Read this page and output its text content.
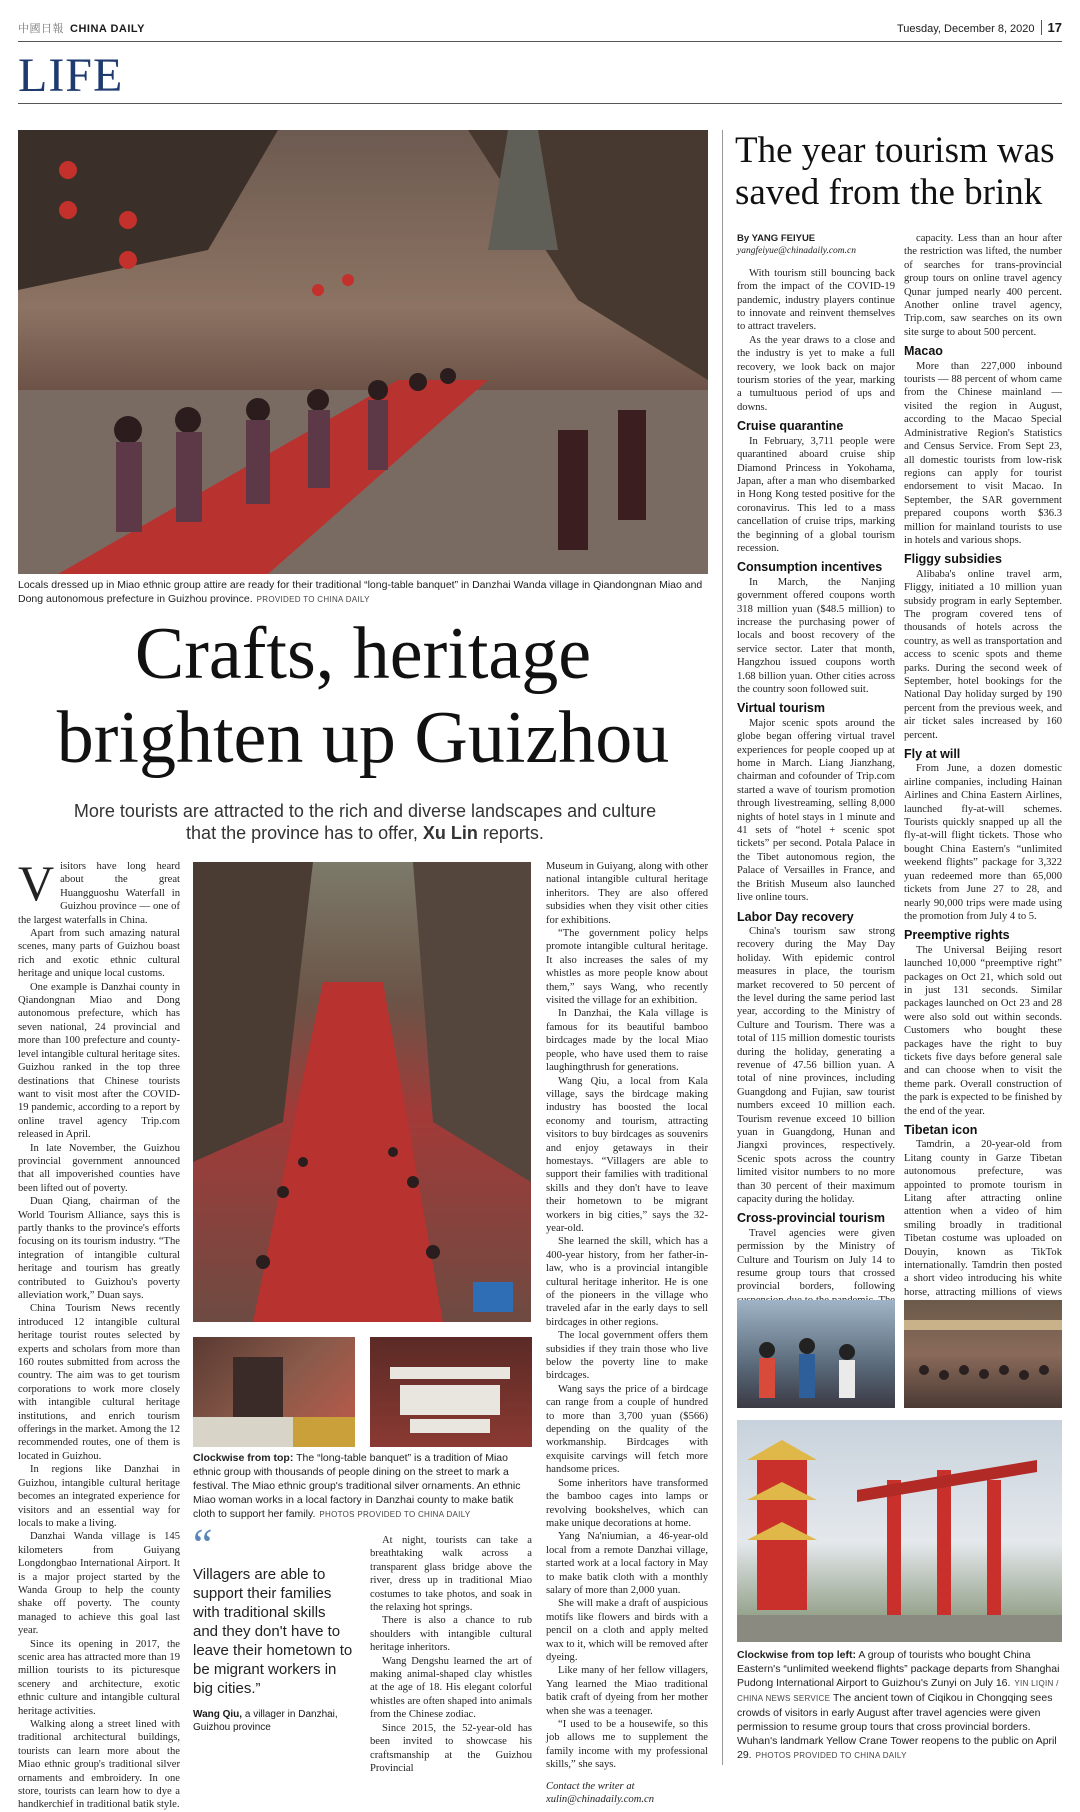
中國日報 CHINA DAILY	Tuesday, December 8, 2020 17
LIFE
Locals dressed up in Miao ethnic group attire are ready for their traditional “long-table banquet” in Danzhai Wanda village in Qiandongnan Miao and Dong autonomous prefecture in Guizhou province. PROVIDED TO CHINA DAILY
Crafts, heritage
brighten up Guizhou
More tourists are attracted to the rich and diverse landscapes and culture that the province has to offer, Xu Lin reports.
V isitors have long heard about the great Huangguoshu Waterfall in Guizhou province — one of the largest waterfalls in China.

Apart from such amazing natural scenes, many parts of Guizhou boast rich and exotic ethnic cultural heritage and unique local customs.

One example is Danzhai county in Qiandongnan Miao and Dong autonomous prefecture, which has seven national, 24 provincial and more than 100 prefecture and county-level intangible cultural heritage sites. Guizhou ranked in the top three destinations that Chinese tourists want to visit most after the COVID-19 pandemic, according to a report by online travel agency Trip.com released in April.

In late November, the Guizhou provincial government announced that all impoverished counties have been lifted out of poverty.

Duan Qiang, chairman of the World Tourism Alliance, says this is partly thanks to the province's efforts focusing on its tourism industry. “The integration of intangible cultural heritage and tourism has greatly contributed to Guizhou's poverty alleviation work,” Duan says.

China Tourism News recently introduced 12 intangible cultural heritage tourist routes selected by experts and scholars from more than 160 routes submitted from across the country. The aim was to get tourism corporations to work more closely with intangible cultural heritage institutions, and enrich tourism offerings in the market. Among the 12 recommended routes, one of them is located in Guizhou.

In regions like Danzhai in Guizhou, intangible cultural heritage becomes an integrated experience for visitors and an essential way for locals to make a living.

Danzhai Wanda village is 145 kilometers from Guiyang Longdongbao International Airport. It is a major project started by the Wanda Group to help the county shake off poverty. The county managed to achieve this goal last year.

Since its opening in 2017, the scenic area has attracted more than 19 million tourists to its picturesque scenery and architecture, exotic ethnic culture and intangible cultural heritage activities.

Walking along a street lined with traditional architectural buildings, tourists can learn more about the Miao ethnic group's traditional silver ornaments and embroidery. In one store, tourists can learn how to dye a handkerchief in traditional batik style.

Clockwise from top: The “long-table banquet” is a tradition of Miao ethnic group with thousands of people dining on the street to mark a festival. The Miao ethnic group's traditional silver ornaments. An ethnic Miao woman works in a local factory in Danzhai county to make batik cloth to support her family. PHOTOS PROVIDED TO CHINA DAILY
“
Villagers are able to support their families with traditional skills and they don't have to leave their hometown to be migrant workers in big cities.”
Wang Qiu, a villager in Danzhai, Guizhou province

At night, tourists can take a breathtaking walk across a transparent glass bridge above the river, dress up in traditional Miao costumes to take photos, and soak in the relaxing hot springs.

There is also a chance to rub shoulders with intangible cultural heritage inheritors.

Wang Dengshu learned the art of making animal-shaped clay whistles at the age of 18. His elegant colorful whistles are often shaped into animals from the Chinese zodiac.

Since 2015, the 52-year-old has been invited to showcase his craftsmanship at the Guizhou Provincial

Museum in Guiyang, along with other national intangible cultural heritage inheritors. They are also offered subsidies when they visit other cities for exhibitions.

“The government policy helps promote intangible cultural heritage. It also increases the sales of my whistles as more people know about them,” says Wang, who recently visited the village for an exhibition.

In Danzhai, the Kala village is famous for its beautiful bamboo birdcages made by the local Miao people, who have used them to raise laughingthrush for generations.

Wang Qiu, a local from Kala village, says the birdcage making industry has boosted the local economy and tourism, attracting visitors to buy birdcages as souvenirs and enjoy getaways in their homestays. “Villagers are able to support their families with traditional skills and they don't have to leave their hometown to be migrant workers in big cities,” says the 32-year-old.

She learned the skill, which has a 400-year history, from her father-in-law, who is a provincial intangible cultural heritage inheritor. He is one of the pioneers in the village who traveled afar in the early days to sell birdcages in other regions.

The local government offers them subsidies if they train those who live below the poverty line to make birdcages.

Wang says the price of a birdcage can range from a couple of hundred to more than 3,700 yuan ($566) depending on the quality of the workmanship. Birdcages with exquisite carvings will fetch more handsome prices.

Some inheritors have transformed the bamboo cages into lamps or revolving bookshelves, which can make unique decorations at home.

Yang Na'niumian, a 46-year-old local from a remote Danzhai village, started work at a local factory in May to make batik cloth with a monthly salary of more than 2,000 yuan.

She will make a draft of auspicious motifs like flowers and birds with a pencil on a cloth and apply melted wax to it, which will be removed after dyeing.

Like many of her fellow villagers, Yang learned the Miao traditional batik craft of dyeing from her mother when she was a teenager.

“I used to be a housewife, so this job allows me to supplement the family income with my professional skills,” she says.

Contact the writer at
xulin@chinadaily.com.cn

The year tourism was saved from the brink
By YANG FEIYUE
yangfeiyue@chinadaily.com.cn

With tourism still bouncing back from the impact of the COVID-19 pandemic, industry players continue to innovate and reinvent themselves to attract travelers.

As the year draws to a close and the industry is yet to make a full recovery, we look back on major tourism stories of the year, marking a tumultuous period of ups and downs.

Cruise quarantine

In February, 3,711 people were quarantined aboard cruise ship Diamond Princess in Yokohama, Japan, after a man who disembarked in Hong Kong tested positive for the coronavirus. This led to a mass cancellation of cruise trips, marking the beginning of a global tourism recession.

Consumption incentives

In March, the Nanjing government offered coupons worth 318 million yuan ($48.5 million) to increase the purchasing power of locals and boost recovery of the service sector. Later that month, Hangzhou issued coupons worth 1.68 billion yuan. Other cities across the country soon followed suit.

Virtual tourism

Major scenic spots around the globe began offering virtual travel experiences for people cooped up at home in March. Liang Jianzhang, chairman and cofounder of Trip.com started a wave of tourism promotion through livestreaming, selling 8,000 nights of hotel stays in 1 minute and 41 sets of “hotel + scenic spot tickets” per second. Potala Palace in the Tibet autonomous region, the Palace of Versailles in France, and the British Museum also launched live online tours.

Labor Day recovery

China's tourism saw strong recovery during the May Day holiday. With epidemic control measures in place, the tourism market recovered to 50 percent of the level during the same period last year, according to the Ministry of Culture and Tourism. There was a total of 115 million domestic tourists during the holiday, generating a revenue of 47.56 billion yuan. A total of nine provinces, including Guangdong and Fujian, saw tourist numbers exceed 10 million each. Tourism revenue exceed 10 billion yuan in Guangdong, Hunan and Jiangxi provinces, respectively. Scenic spots across the country limited visitor numbers to no more than 30 percent of their maximum capacity during the holiday.

Cross-provincial tourism

Travel agencies were given permission by the Ministry of Culture and Tourism on July 14 to resume group tours that crossed provincial borders, following

capacity. Less than an hour after the restriction was lifted, the number of searches for trans-provincial group tours on online travel agency Qunar jumped nearly 400 percent. Another online travel agency, Trip.com, saw searches on its own site surge to about 500 percent.

Macao

More than 227,000 inbound tourists — 88 percent of whom came from the Chinese mainland — visited the region in August, according to the Macao Special Administrative Region's Statistics and Census Service. From Sept 23, all domestic tourists from low-risk regions can apply for tourist endorsement to visit Macao. In September, the SAR government prepared coupons worth $36.3 million for mainland tourists to use in hotels and various shops.

Fliggy subsidies

Alibaba's online travel arm, Fliggy, initiated a 10 million yuan subsidy program in early September. The program covered tens of thousands of hotels across the country, as well as transportation and access to scenic spots and theme parks. During the second week of September, hotel bookings for the National Day holiday surged by 190 percent from the previous week, and air ticket sales increased by 160 percent.

Fly at will

From June, a dozen domestic airline companies, including Hainan Airlines and China Eastern Airlines, launched fly-at-will schemes. Tourists quickly snapped up all the fly-at-will flight tickets. Those who bought China Eastern's “unlimited weekend flights” package for 3,322 yuan redeemed more than 65,000 tickets from June 27 to 28, and nearly 90,000 trips were made using the promotion from July 4 to 5.

Preemptive rights

The Universal Beijing resort launched 10,000 “preemptive right” packages on Oct 21, which sold out in just 131 seconds. Similar packages launched on Oct 23 and 28 were also sold out within seconds. Customers who bought these packages have the right to buy tickets five days before general sale and can choose when to visit the theme park. Overall construction of the park is expected to be finished by the end of the year.

Tibetan icon

Tamdrin, a 20-year-old from Litang county in Garze Tibetan autonomous prefecture, was appointed to promote tourism in Litang after attracting online attention when a video of him smiling broadly in traditional Tibetan costume was uploaded on Douyin, known as TikTok internationally. Tamdrin then posted a short video introducing his white horse, attracting millions of views

Clockwise from top left: A group of tourists who bought China Eastern's “unlimited weekend flights” package departs from Shanghai Pudong International Airport to Guizhou's Zunyi on July 16. YIN LIQIN / CHINA NEWS SERVICE The ancient town of Ciqikou in Chongqing sees crowds of visitors in early August after travel agencies were given permission to resume group tours that cross provincial borders. Wuhan's landmark Yellow Crane Tower reopens to the public on April 29. PHOTOS PROVIDED TO CHINA DAILY
